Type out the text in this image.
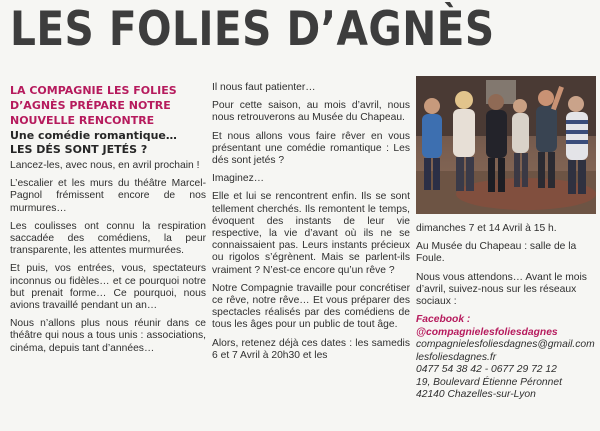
LES FOLIES D’AGNÈS
LA COMPAGNIE LES FOLIES D’AGNÈS PRÉPARE NOTRE NOUVELLE RENCONTRE
Une comédie romantique…
LES DÉS SONT JETÉS ?

Lancez-les, avec nous, en avril prochain !

L’escalier et les murs du théâtre Marcel-Pagnol frémissent encore de nos murmures…

Les coulisses ont connu la respiration saccadée des comédiens, la peur transparente, les attentes murmurées.

Et puis, vos entrées, vous, spectateurs inconnus ou fidèles… et ce pourquoi notre but prenait forme… Ce pourquoi, nous avions travaillé pendant un an…

Nous n’allons plus nous réunir dans ce théâtre qui nous a tous unis : associations, cinéma, depuis tant d’années…

Il nous faut patienter…

Pour cette saison, au mois d’avril, nous nous retrouverons au Musée du Chapeau.

Et nous allons vous faire rêver en vous présentant une comédie romantique : Les dés sont jetés ?

Imaginez…

Elle et lui se rencontrent enfin. Ils se sont tellement cherchés. Ils remontent le temps, évoquent des instants de leur vie respective, la vie d’avant où ils ne se connaissaient pas. Leurs instants précieux ou rigolos s’égrènent. Mais se parlent-ils vraiment ? N’est-ce encore qu’un rêve ?

Notre Compagnie travaille pour concrétiser ce rêve, notre rêve… Et vous préparer des spectacles réalisés par des comédiens de tous les âges pour un public de tout âge.

Alors, retenez déjà ces dates : les samedis 6 et 7 Avril à 20h30 et les

dimanches 7 et 14 Avril à 15 h.

Au Musée du Chapeau : salle de la Foule.

Nous vous attendons… Avant le mois d’avril, suivez-nous sur les réseaux sociaux :

Facebook :
@compagnielesfoliesdagnes
compagnielesfoliesdagnes@gmail.com
lesfoliesdagnes.fr
0477 54 38 42 - 0677 29 72 12
19, Boulevard Étienne Péronnet
42140 Chazelles-sur-Lyon
